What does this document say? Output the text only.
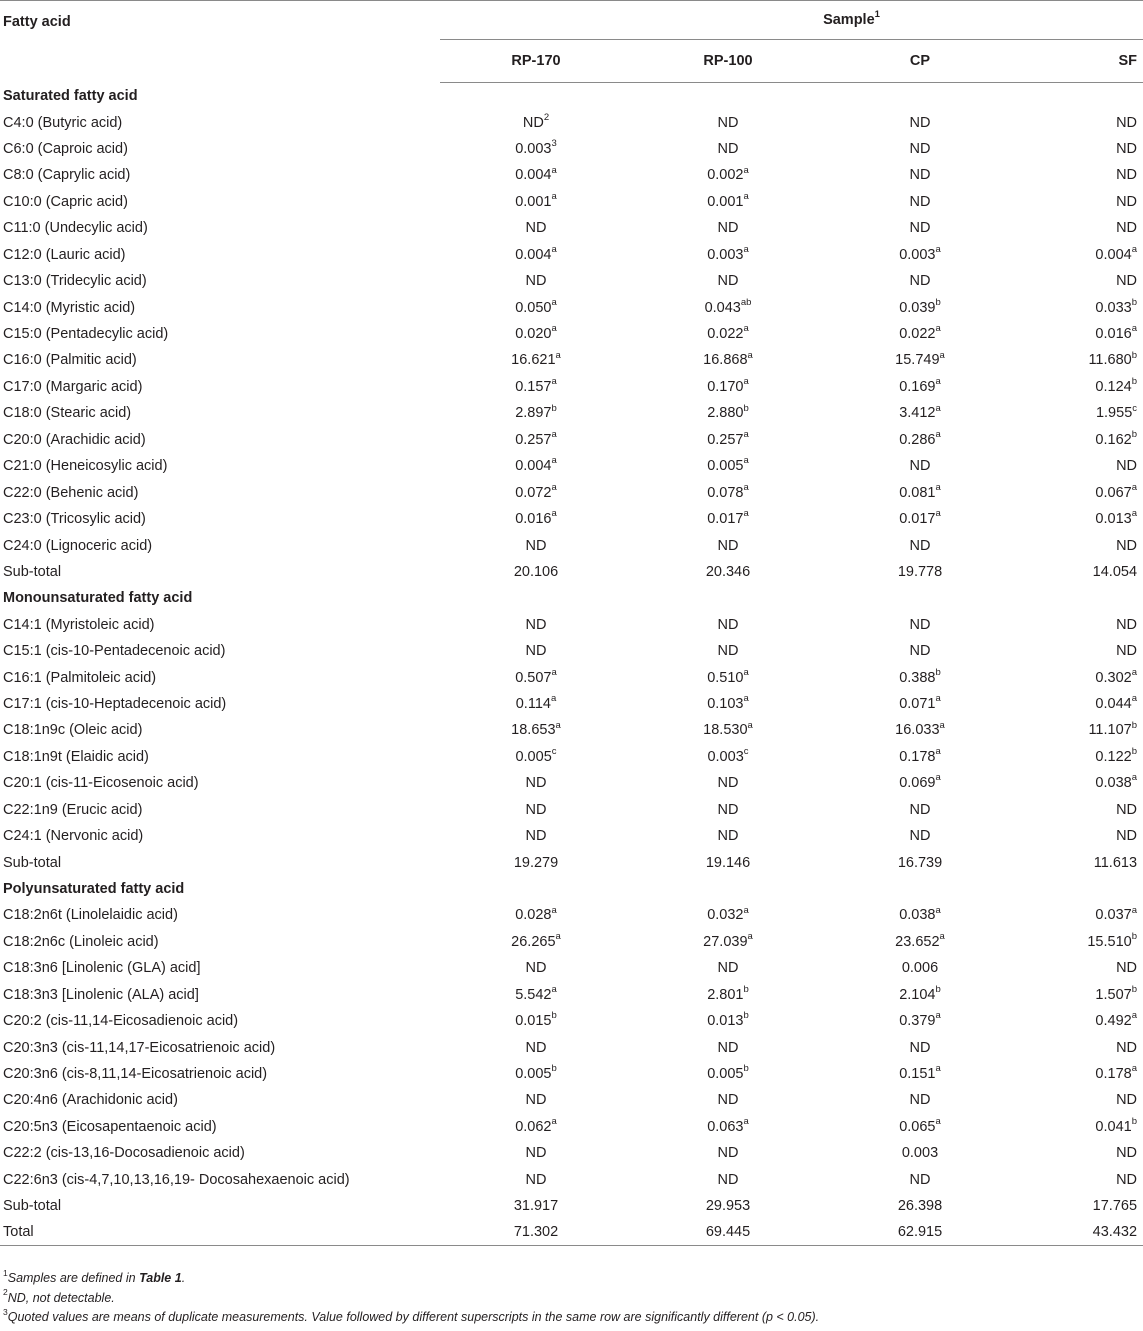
Fatty acid	Sample$^1$
	RP-170	RP-100	CP	SF
Saturated fatty acid				
C4:0 (Butyric acid)	$ND^2$	ND	ND	ND
C6:0 (Caproic acid)	0.003$^3$	ND	ND	ND
C8:0 (Caprylic acid)	0.004$^a$	0.002$^a$	ND	ND
C10:0 (Capric acid)	0.001$^a$	0.001$^a$	ND	ND
C11:0 (Undecylic acid)	ND	ND	ND	ND
C12:0 (Lauric acid)	0.004$^a$	0.003$^a$	0.003$^a$	0.004$^a$
C13:0 (Tridecylic acid)	ND	ND	ND	ND
C14:0 (Myristic acid)	0.050$^a$	0.043$^{ab}$	0.039$^b$	0.033$^b$
C15:0 (Pentadecylic acid)	0.020$^a$	0.022$^a$	0.022$^a$	0.016$^a$
C16:0 (Palmitic acid)	16.621$^a$	16.868$^a$	15.749$^a$	11.680$^b$
C17:0 (Margaric acid)	0.157$^a$	0.170$^a$	0.169$^a$	0.124$^b$
C18:0 (Stearic acid)	2.897$^b$	2.880$^b$	3.412$^a$	1.955$^c$
C20:0 (Arachidic acid)	0.257$^a$	0.257$^a$	0.286$^a$	0.162$^b$
C21:0 (Heneicosylic acid)	0.004$^a$	0.005$^a$	ND	ND
C22:0 (Behenic acid)	0.072$^a$	0.078$^a$	0.081$^a$	0.067$^a$
C23:0 (Tricosylic acid)	0.016$^a$	0.017$^a$	0.017$^a$	0.013$^a$
C24:0 (Lignoceric acid)	ND	ND	ND	ND
Sub-total	20.106	20.346	19.778	14.054
Monounsaturated fatty acid				
C14:1 (Myristoleic acid)	ND	ND	ND	ND
C15:1 (cis-10-Pentadecenoic acid)	ND	ND	ND	ND
C16:1 (Palmitoleic acid)	0.507$^a$	0.510$^a$	0.388$^b$	0.302$^a$
C17:1 (cis-10-Heptadecenoic acid)	0.114$^a$	0.103$^a$	0.071$^a$	0.044$^a$
C18:1n9c (Oleic acid)	18.653$^a$	18.530$^a$	16.033$^a$	11.107$^b$
C18:1n9t (Elaidic acid)	0.005$^c$	0.003$^c$	0.178$^a$	0.122$^b$
C20:1 (cis-11-Eicosenoic acid)	ND	ND	0.069$^a$	0.038$^a$
C22:1n9 (Erucic acid)	ND	ND	ND	ND
C24:1 (Nervonic acid)	ND	ND	ND	ND
Sub-total	19.279	19.146	16.739	11.613
Polyunsaturated fatty acid				
C18:2n6t (Linolelaidic acid)	0.028$^a$	0.032$^a$	0.038$^a$	0.037$^a$
C18:2n6c (Linoleic acid)	26.265$^a$	27.039$^a$	23.652$^a$	15.510$^b$
C18:3n6 [Linolenic (GLA) acid]	ND	ND	0.006	ND
C18:3n3 [Linolenic (ALA) acid]	5.542$^a$	2.801$^b$	2.104$^b$	1.507$^b$
C20:2 (cis-11,14-Eicosadienoic acid)	0.015$^b$	0.013$^b$	0.379$^a$	0.492$^a$
C20:3n3 (cis-11,14,17-Eicosatrienoic acid)	ND	ND	ND	ND
C20:3n6 (cis-8,11,14-Eicosatrienoic acid)	0.005$^b$	0.005$^b$	0.151$^a$	0.178$^a$
C20:4n6 (Arachidonic acid)	ND	ND	ND	ND
C20:5n3 (Eicosapentaenoic acid)	0.062$^a$	0.063$^a$	0.065$^a$	0.041$^b$
C22:2 (cis-13,16-Docosadienoic acid)	ND	ND	0.003	ND
C22:6n3 (cis-4,7,10,13,16,19- Docosahexaenoic acid)	ND	ND	ND	ND
Sub-total	31.917	29.953	26.398	17.765
Total	71.302	69.445	62.915	43.432
$^1$Samples are defined in Table 1.
$^2$ND, not detectable.
$^3$Quoted values are means of duplicate measurements. Value followed by different superscripts in the same row are significantly different (p < 0.05).
